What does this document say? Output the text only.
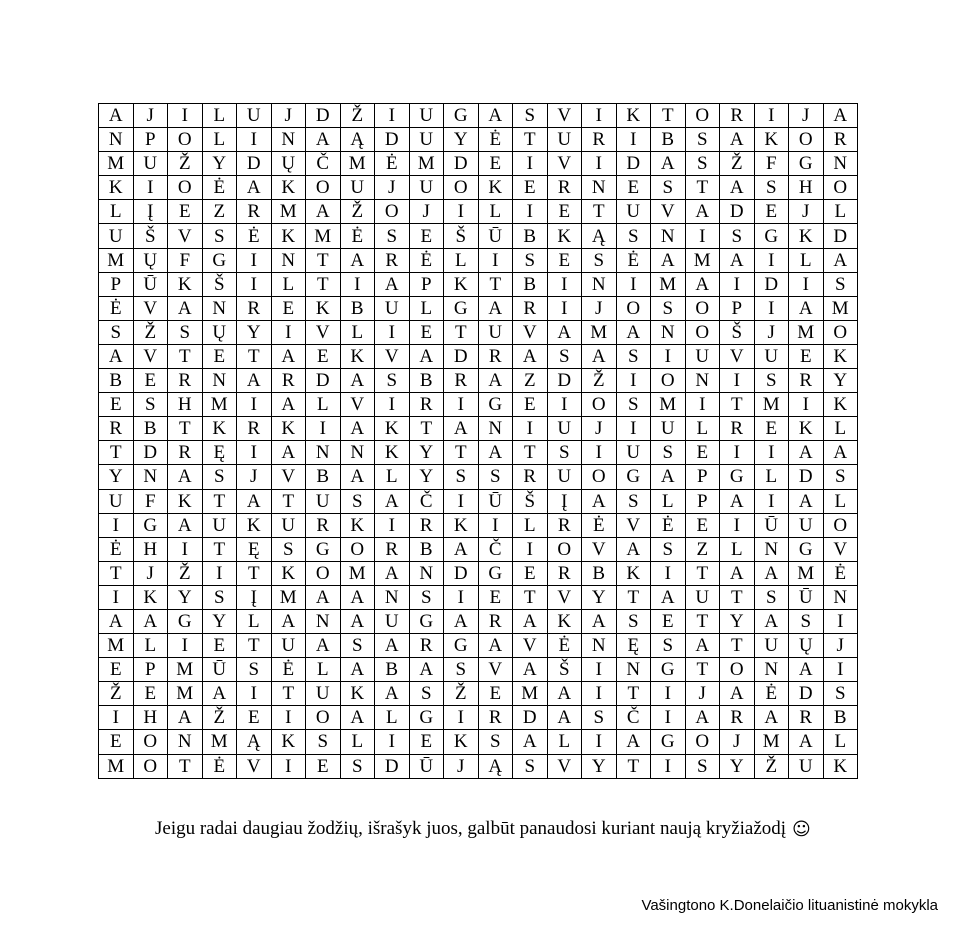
A	J	I	L	U	J	D	Ž	I	U	G	A	S	V	I	K	T	O	R	I	J	A
N	P	O	L	I	N	A	Ą	D	U	Y	Ė	T	U	R	I	B	S	A	K	O	R
M	U	Ž	Y	D	Ų	Č	M	Ė	M	D	E	I	V	I	D	A	S	Ž	F	G	N
K	I	O	Ė	A	K	O	U	J	U	O	K	E	R	N	E	S	T	A	S	H	O
L	Į	E	Z	R	M	A	Ž	O	J	I	L	I	E	T	U	V	A	D	E	J	L
U	Š	V	S	Ė	K	M	Ė	S	E	Š	Ū	B	K	Ą	S	N	I	S	G	K	D
M	Ų	F	G	I	N	T	A	R	Ė	L	I	S	E	S	Ė	A	M	A	I	L	A
P	Ū	K	Š	I	L	T	I	A	P	K	T	B	I	N	I	M	A	I	D	I	S
Ė	V	A	N	R	E	K	B	U	L	G	A	R	I	J	O	S	O	P	I	A	M
S	Ž	S	Ų	Y	I	V	L	I	E	T	U	V	A	M	A	N	O	Š	J	M	O
A	V	T	E	T	A	E	K	V	A	D	R	A	S	A	S	I	U	V	U	E	K
B	E	R	N	A	R	D	A	S	B	R	A	Z	D	Ž	I	O	N	I	S	R	Y
E	S	H	M	I	A	L	V	I	R	I	G	E	I	O	S	M	I	T	M	I	K
R	B	T	K	R	K	I	A	K	T	A	N	I	U	J	I	U	L	R	E	K	L
T	D	R	Ę	I	A	N	N	K	Y	T	A	T	S	I	U	S	E	I	I	A	A
Y	N	A	S	J	V	B	A	L	Y	S	S	R	U	O	G	A	P	G	L	D	S
U	F	K	T	A	T	U	S	A	Č	I	Ū	Š	Į	A	S	L	P	A	I	A	L
I	G	A	U	K	U	R	K	I	R	K	I	L	R	Ė	V	Ė	E	I	Ū	U	O
Ė	H	I	T	Ę	S	G	O	R	B	A	Č	I	O	V	A	S	Z	L	N	G	V
T	J	Ž	I	T	K	O	M	A	N	D	G	E	R	B	K	I	T	A	A	M	Ė
I	K	Y	S	Į	M	A	A	N	S	I	E	T	V	Y	T	A	U	T	S	Ū	N
A	A	G	Y	L	A	N	A	U	G	A	R	A	K	A	S	E	T	Y	A	S	I
M	L	I	E	T	U	A	S	A	R	G	A	V	Ė	N	Ę	S	A	T	U	Ų	J
E	P	M	Ū	S	Ė	L	A	B	A	S	V	A	Š	I	N	G	T	O	N	A	I
Ž	E	M	A	I	T	U	K	A	S	Ž	E	M	A	I	T	I	J	A	Ė	D	S
I	H	A	Ž	E	I	O	A	L	G	I	R	D	A	S	Č	I	A	R	A	R	B
E	O	N	M	Ą	K	S	L	I	E	K	S	A	L	I	A	G	O	J	M	A	L
M	O	T	Ė	V	I	E	S	D	Ū	J	Ą	S	V	Y	T	I	S	Y	Ž	U	K
Jeigu radai daugiau žodžių, išrašyk juos, galbūt panaudosi kuriant naują kryžiažodį ☺
Vašingtono K.Donelaičio lituanistinė mokykla
